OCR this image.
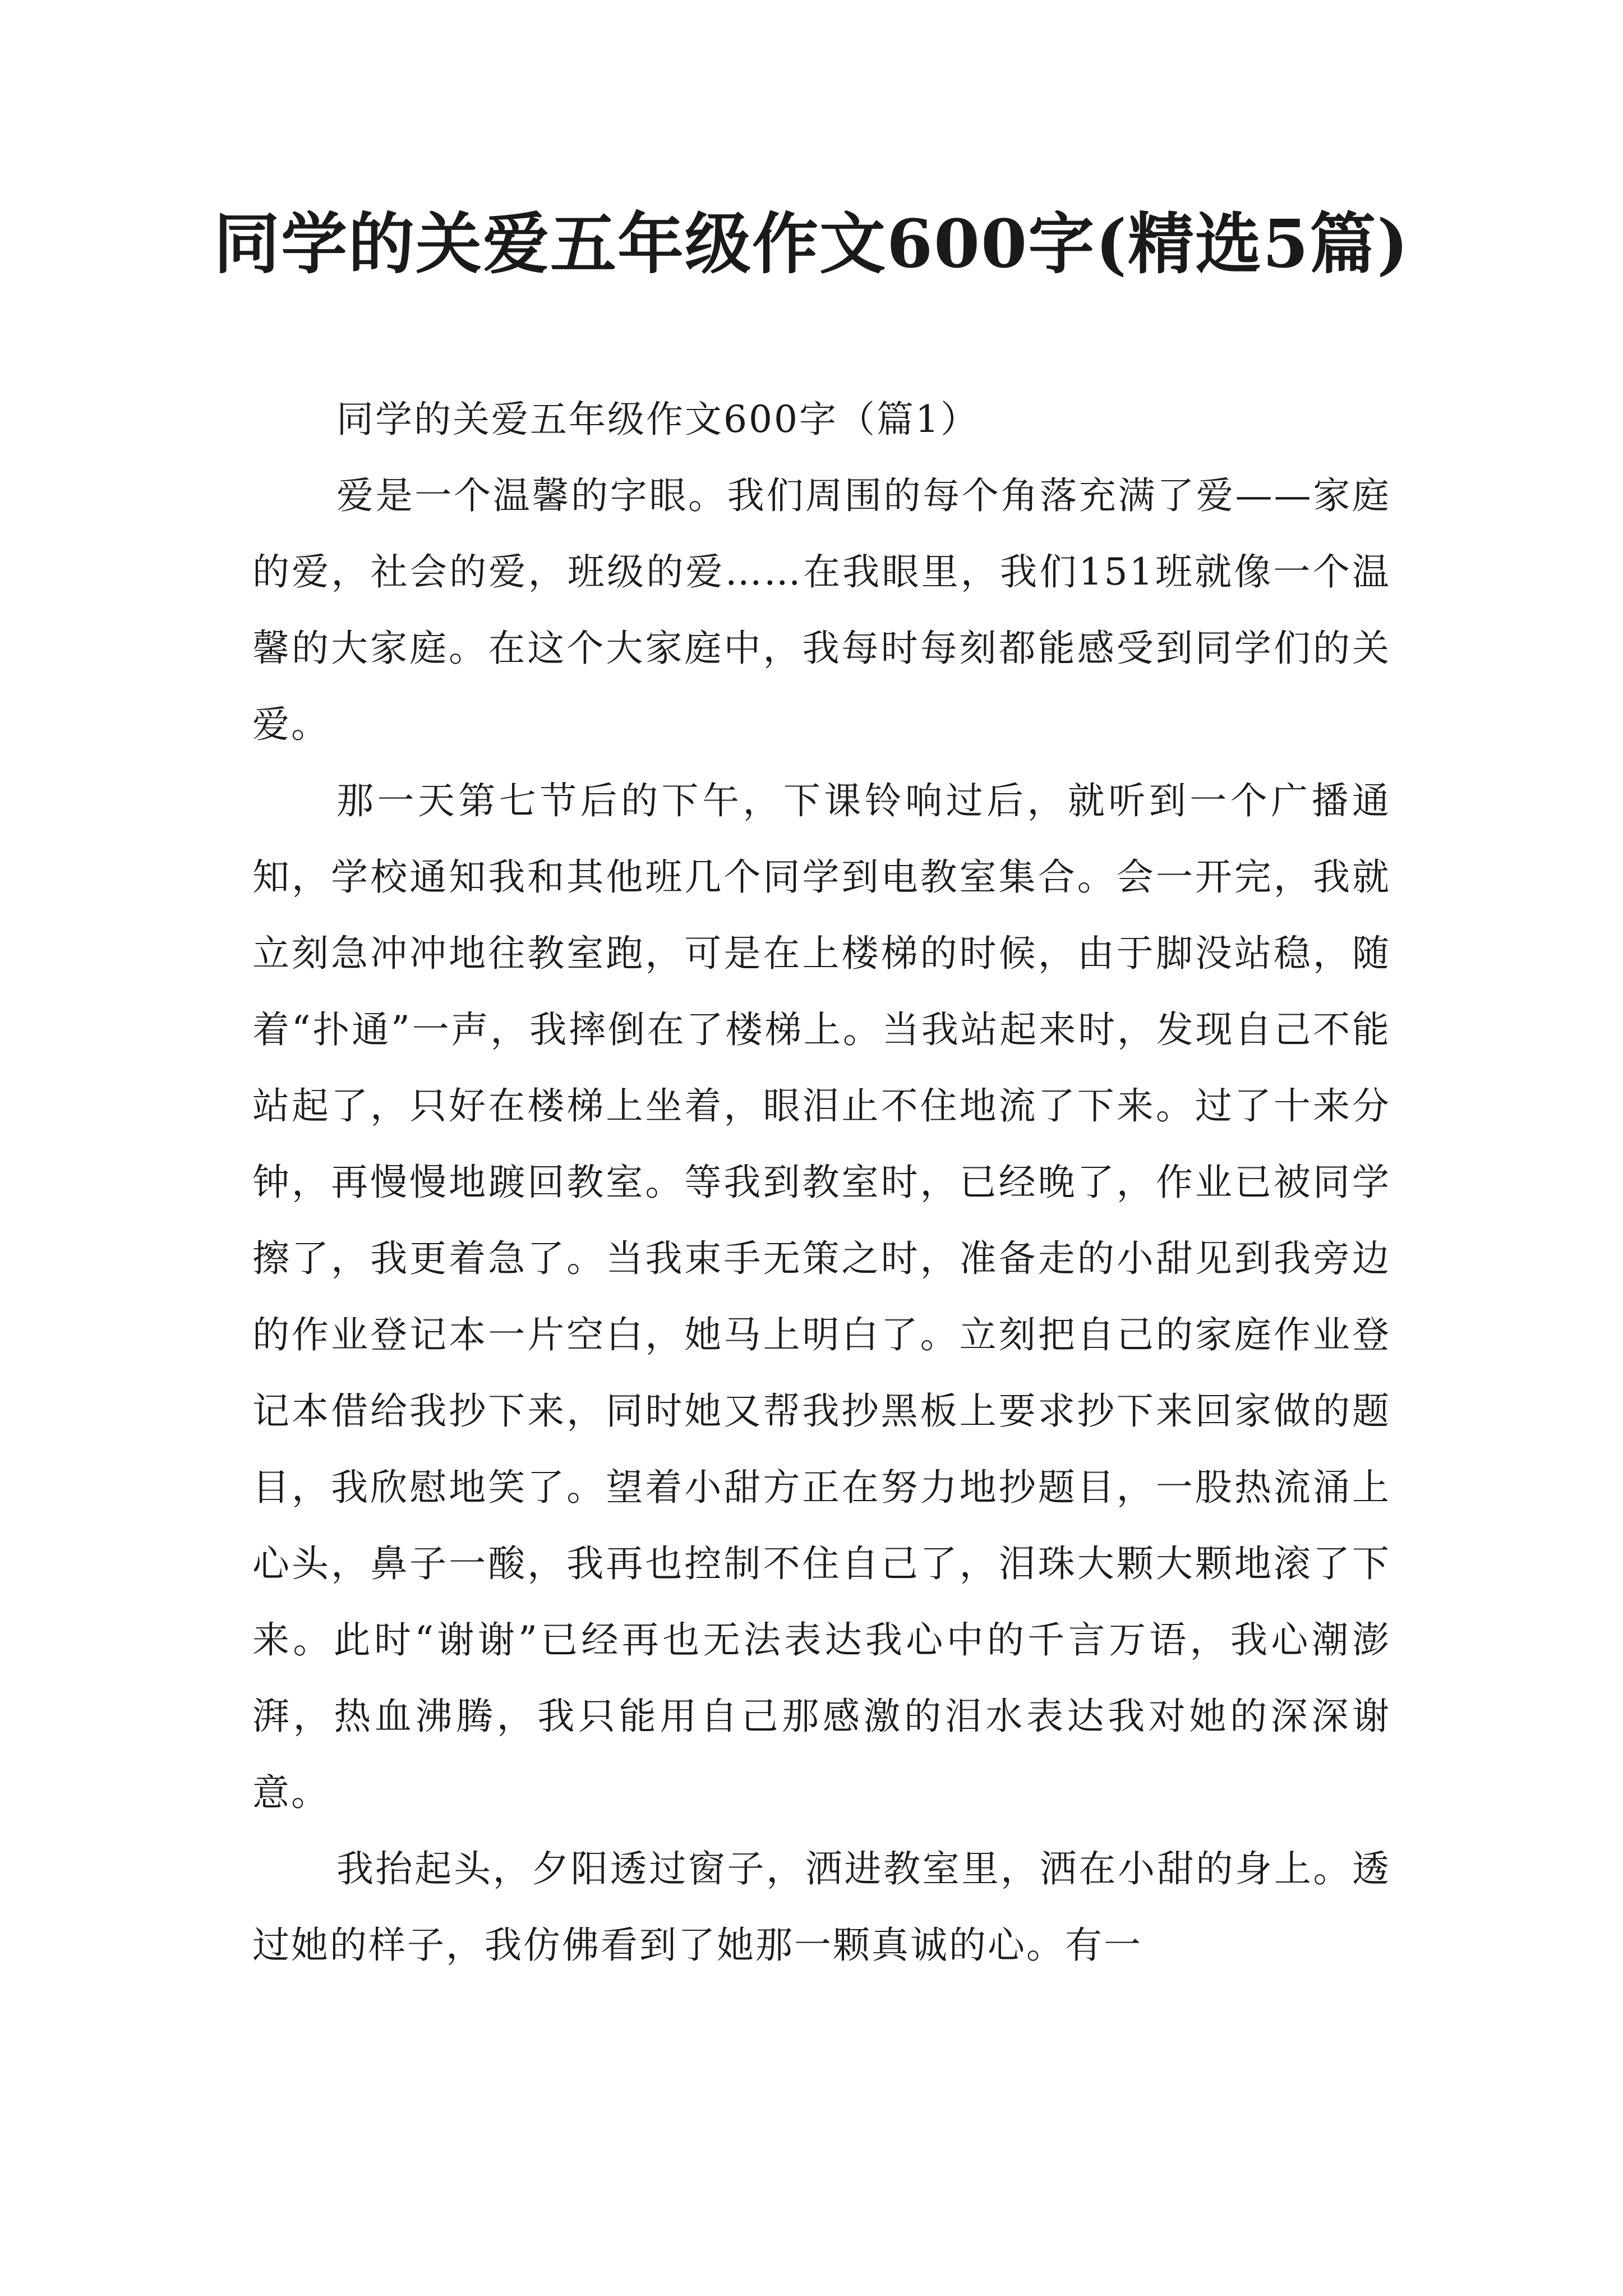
同学的关爱五年级作文600字(精选5篇)

同学的关爱五年级作文600字（篇1）

爱是一个温馨的字眼。我们周围的每个角落充满了爱——家庭的爱，社会的爱，班级的爱……在我眼里，我们151班就像一个温馨的大家庭。在这个大家庭中，我每时每刻都能感受到同学们的关爱。

那一天第七节后的下午，下课铃响过后，就听到一个广播通知，学校通知我和其他班几个同学到电教室集合。会一开完，我就立刻急冲冲地往教室跑，可是在上楼梯的时候，由于脚没站稳，随着“扑通”一声，我摔倒在了楼梯上。当我站起来时，发现自己不能站起了，只好在楼梯上坐着，眼泪止不住地流了下来。过了十来分钟，再慢慢地踱回教室。等我到教室时，已经晚了，作业已被同学擦了，我更着急了。当我束手无策之时，准备走的小甜见到我旁边的作业登记本一片空白，她马上明白了。立刻把自己的家庭作业登记本借给我抄下来，同时她又帮我抄黑板上要求抄下来回家做的题目，我欣慰地笑了。望着小甜方正在努力地抄题目，一股热流涌上心头，鼻子一酸，我再也控制不住自己了，泪珠大颗大颗地滚了下来。此时“谢谢”已经再也无法表达我心中的千言万语，我心潮澎湃，热血沸腾，我只能用自己那感激的泪水表达我对她的深深谢意。

我抬起头，夕阳透过窗子，洒进教室里，洒在小甜的身上。透过她的样子，我仿佛看到了她那一颗真诚的心。有一
